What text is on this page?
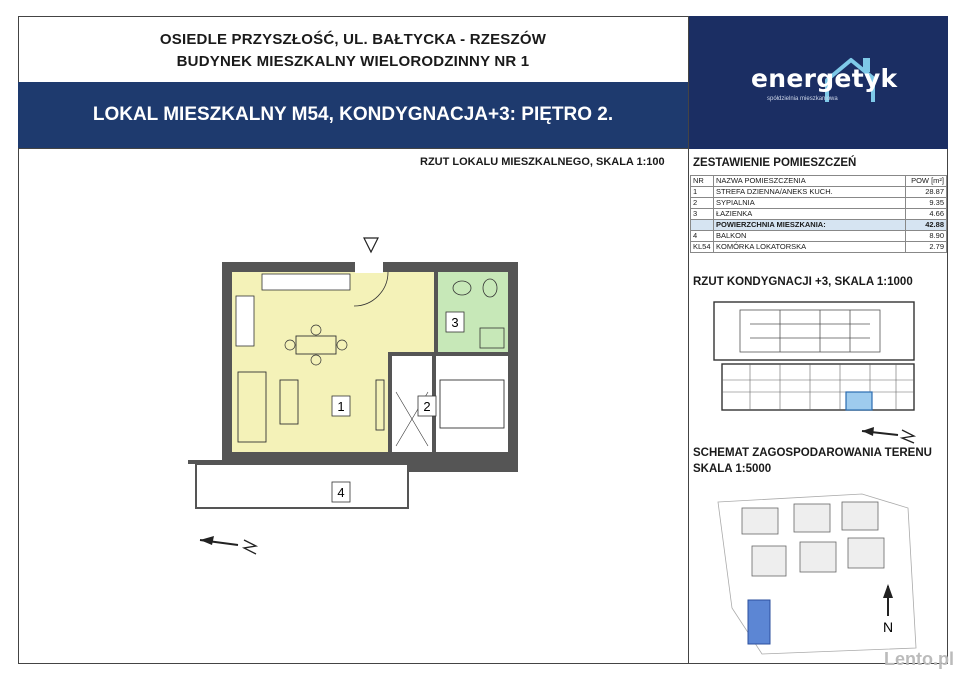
OSIEDLE PRZYSZŁOŚĆ, UL. BAŁTYCKA - RZESZÓW
BUDYNEK MIESZKALNY WIELORODZINNY NR 1
LOKAL MIESZKALNY M54, KONDYGNACJA+3: PIĘTRO 2.
energetyk
spółdzielnia mieszkaniowa
RZUT LOKALU MIESZKALNEGO, SKALA 1:100
1	2
3
4
ZESTAWIENIE POMIESZCZEŃ
NR	NAZWA POMIESZCZENIA	POW [m²]
1	STREFA DZIENNA/ANEKS KUCH.	28.87
2	SYPIALNIA	9.35
3	ŁAZIENKA	4.66
	POWIERZCHNIA MIESZKANIA:	42.88
4	BALKON	8.90
KL54	KOMÓRKA LOKATORSKA	2.79
RZUT KONDYGNACJI +3, SKALA 1:1000
SCHEMAT ZAGOSPODAROWANIA TERENU
SKALA 1:5000
N
Lento.pl
